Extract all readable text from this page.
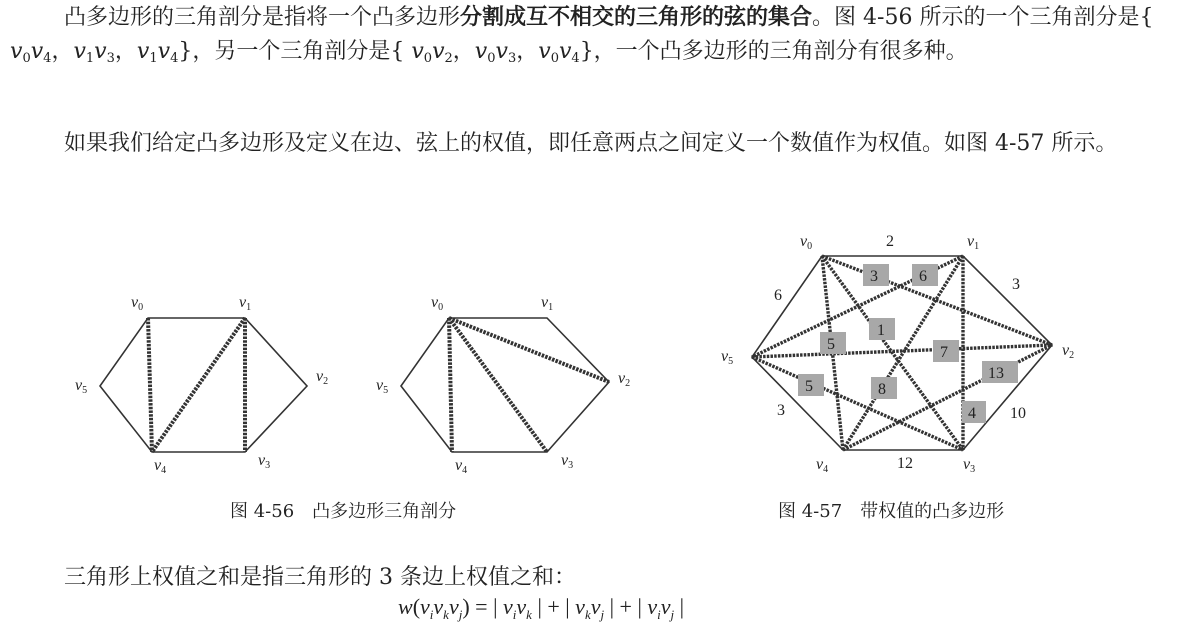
凸多边形的三角剖分是指将一个凸多边形分割成互不相交的三角形的弦的集合。图 4-56 所示的一个三角剖分是{ $v_0v_4$，$v_1v_3$，$v_1v_4$}，另一个三角剖分是{ $v_0v_2$，$v_0v_3$，$v_0v_4$}，一个凸多边形的三角剖分有很多种。

如果我们给定凸多边形及定义在边、弦上的权值，即任意两点之间定义一个数值作为权值。如图 4-57 所示。

v0	v1
v2
v3
v4
v5
v0	v1
v2
v3
v4
v5
v0	v1
v2
v3
v4
v5
2
3
10
12
3
6
3	6
1
5	7
5	8
13
4
图 4-56　凸多边形三角剖分	图 4-57　带权值的凸多边形

三角形上权值之和是指三角形的 3 条边上权值之和：

$w(v_iv_kv_j)$ = | $v_iv_k$ | + | $v_kv_j$ | + | $v_iv_j$ |
